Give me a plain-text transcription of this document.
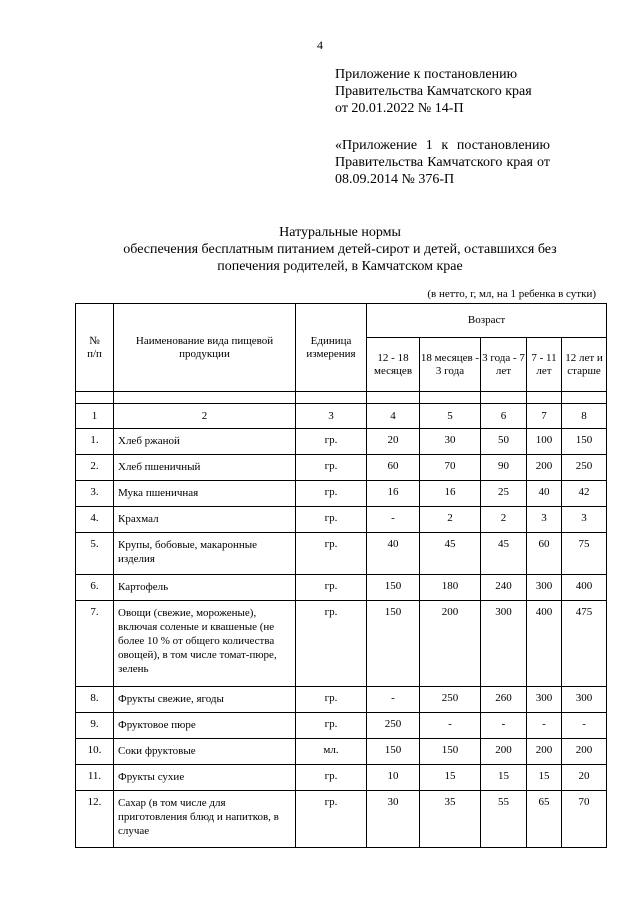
4
Приложение к постановлению
Правительства Камчатского края
от 20.01.2022 № 14-П
«Приложение 1 к постановлению Правительства Камчатского края от 08.09.2014 № 376-П
Натуральные нормы
обеспечения бесплатным питанием детей-сирот и детей, оставшихся без
попечения родителей, в Камчатском крае
(в нетто, г, мл, на 1 ребенка в сутки)
№ п/п	Наименование вида пищевой продукции	Единица измерения	Возраст				
			12 - 18 месяцев	18 месяцев - 3 года	3 года - 7 лет	7 - 11 лет	12 лет и старше

1	2	3	4	5	6	7	8
1.	Хлеб ржаной	гр.	20	30	50	100	150
2.	Хлеб пшеничный	гр.	60	70	90	200	250
3.	Мука пшеничная	гр.	16	16	25	40	42
4.	Крахмал	гр.	-	2	2	3	3
5.	Крупы, бобовые, макаронные изделия	гр.	40	45	45	60	75
6.	Картофель	гр.	150	180	240	300	400
7.	Овощи (свежие, мороженые), включая соленые и квашеные (не более 10 % от общего количества овощей), в том числе томат-пюре, зелень	гр.	150	200	300	400	475
8.	Фрукты свежие, ягоды	гр.	-	250	260	300	300
9.	Фруктовое пюре	гр.	250	-	-	-	-
10.	Соки фруктовые	мл.	150	150	200	200	200
11.	Фрукты сухие	гр.	10	15	15	15	20
12.	Сахар (в том числе для приготовления блюд и напитков, в случае	гр.	30	35	55	65	70
